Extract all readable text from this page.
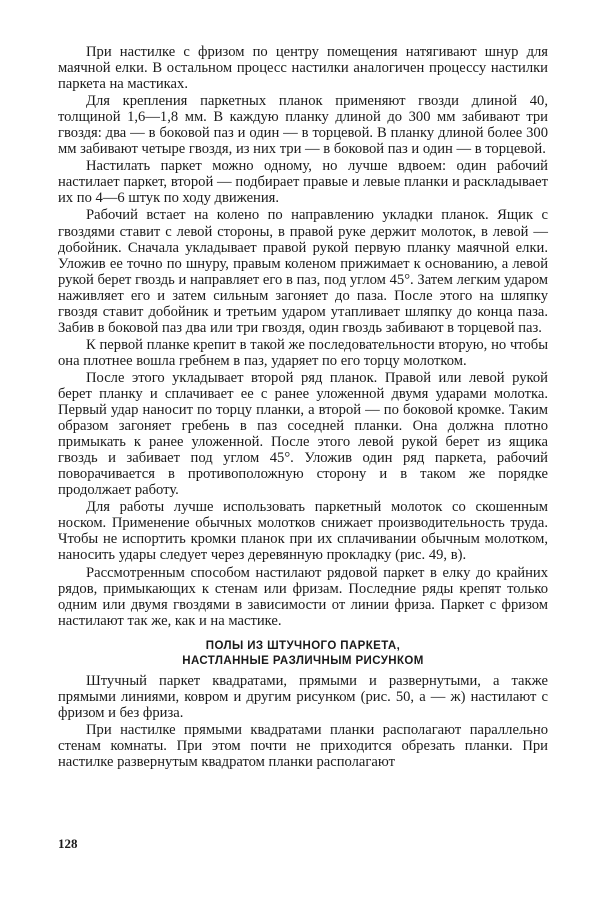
При настилке с фризом по центру помещения натягивают шнур для маячной елки. В остальном процесс настилки аналогичен процессу настилки паркета на мастиках.

Для крепления паркетных планок применяют гвозди длиной 40, толщиной 1,6—1,8 мм. В каждую планку длиной до 300 мм забивают три гвоздя: два — в боковой паз и один — в торцевой. В планку длиной более 300 мм забивают четыре гвоздя, из них три — в боковой паз и один — в торцевой.

Настилать паркет можно одному, но лучше вдвоем: один рабочий настилает паркет, второй — подбирает правые и левые планки и раскладывает их по 4—6 штук по ходу движения.

Рабочий встает на колено по направлению укладки планок. Ящик с гвоздями ставит с левой стороны, в правой руке держит молоток, в левой — добойник. Сначала укладывает правой рукой первую планку маячной елки. Уложив ее точно по шнуру, правым коленом прижимает к основанию, а левой рукой берет гвоздь и направляет его в паз, под углом 45°. Затем легким ударом наживляет его и затем сильным загоняет до паза. После этого на шляпку гвоздя ставит добойник и третьим ударом утапливает шляпку до конца паза. Забив в боковой паз два или три гвоздя, один гвоздь забивают в торцевой паз.

К первой планке крепит в такой же последовательности вторую, но чтобы она плотнее вошла гребнем в паз, ударяет по его торцу молотком.

После этого укладывает второй ряд планок. Правой или левой рукой берет планку и сплачивает ее с ранее уложенной двумя ударами молотка. Первый удар наносит по торцу планки, а второй — по боковой кромке. Таким образом загоняет гребень в паз соседней планки. Она должна плотно примыкать к ранее уложенной. После этого левой рукой берет из ящика гвоздь и забивает под углом 45°. Уложив один ряд паркета, рабочий поворачивается в противоположную сторону и в таком же порядке продолжает работу.

Для работы лучше использовать паркетный молоток со скошенным носком. Применение обычных молотков снижает производительность труда. Чтобы не испортить кромки планок при их сплачивании обычным молотком, наносить удары следует через деревянную прокладку (рис. 49, в).

Рассмотренным способом настилают рядовой паркет в елку до крайних рядов, примыкающих к стенам или фризам. Последние ряды крепят только одним или двумя гвоздями в зависимости от линии фриза. Паркет с фризом настилают так же, как и на мастике.

ПОЛЫ ИЗ ШТУЧНОГО ПАРКЕТА,
НАСТЛАННЫЕ РАЗЛИЧНЫМ РИСУНКОМ

Штучный паркет квадратами, прямыми и развернутыми, а также прямыми линиями, ковром и другим рисунком (рис. 50, а — ж) настилают с фризом и без фриза.

При настилке прямыми квадратами планки располагают параллельно стенам комнаты. При этом почти не приходится обрезать планки. При настилке развернутым квадратом планки располагают

128
